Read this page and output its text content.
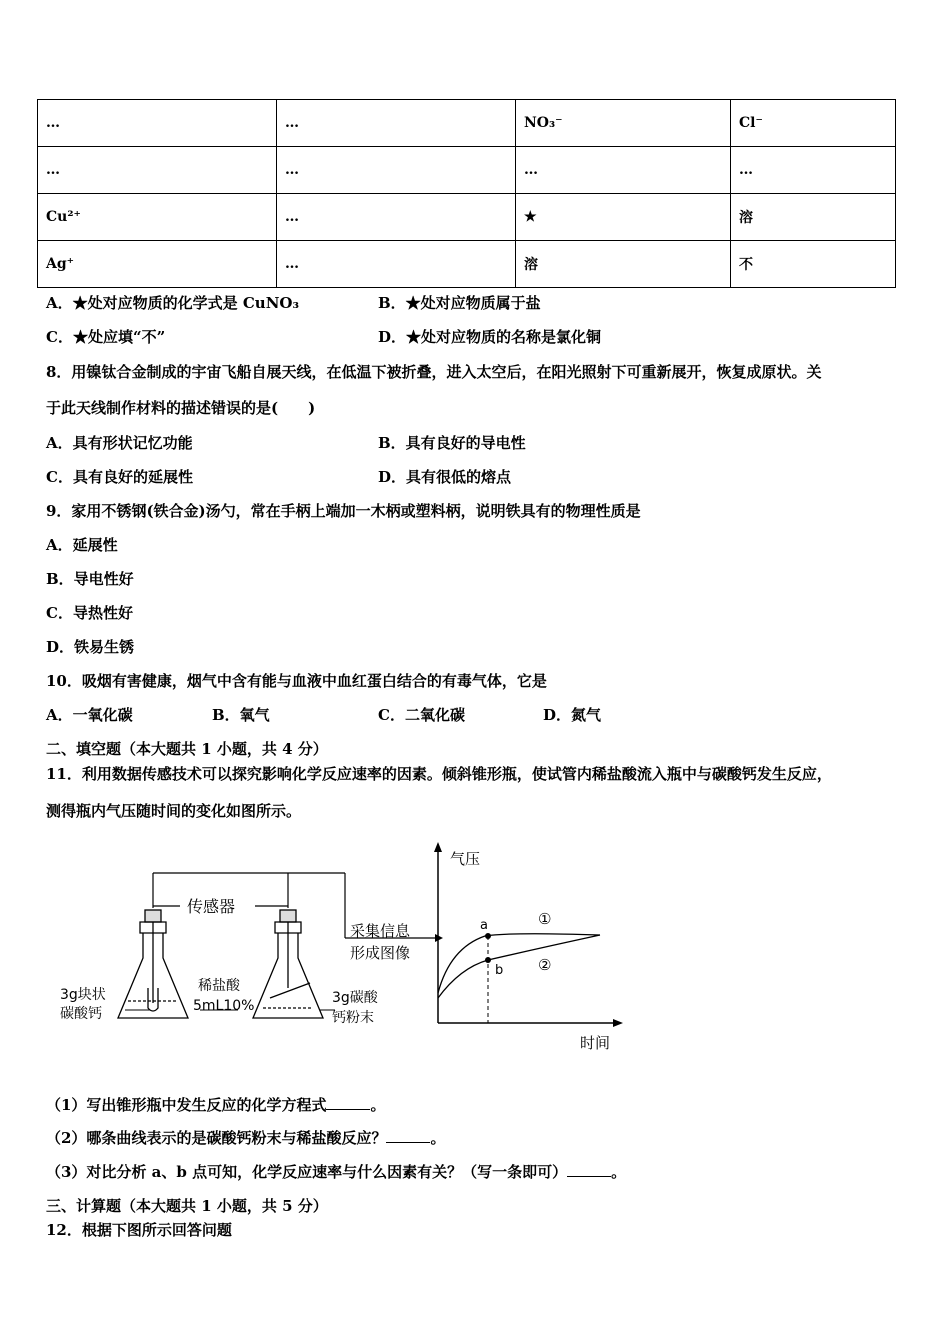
…	…	NO₃⁻	Cl⁻
…	…	…	…
Cu²⁺	…	★	溶
Ag⁺	…	溶	不
A．★处对应物质的化学式是 CuNO₃	B．★处对应物质属于盐
C．★处应填“不”	D．★处对应物质的名称是氯化铜
8．用镍钛合金制成的宇宙飞船自展天线，在低温下被折叠，进入太空后，在阳光照射下可重新展开，恢复成原状。关
于此天线制作材料的描述错误的是(　　)
A．具有形状记忆功能	B．具有良好的导电性
C．具有良好的延展性	D．具有很低的熔点
9．家用不锈钢(铁合金)汤勺，常在手柄上端加一木柄或塑料柄，说明铁具有的物理性质是
A．延展性
B．导电性好
C．导热性好
D．铁易生锈
10．吸烟有害健康，烟气中含有能与血液中血红蛋白结合的有毒气体，它是
A．一氧化碳	B．氧气	C．二氧化碳	D．氮气
二、填空题（本大题共 1 小题，共 4 分）
11．利用数据传感技术可以探究影响化学反应速率的因素。倾斜锥形瓶，使试管内稀盐酸流入瓶中与碳酸钙发生反应，
测得瓶内气压随时间的变化如图所示。
传感器
采集信息
形成图像
3g块状
碳酸钙
稀盐酸
5mL10%	3g碳酸
钙粉末
a
b
①
②
气压
时间
（1）写出锥形瓶中发生反应的化学方程式	。
（2）哪条曲线表示的是碳酸钙粉末与稀盐酸反应？	。
（3）对比分析 a、b 点可知，化学反应速率与什么因素有关？（写一条即可）	。
三、计算题（本大题共 1 小题，共 5 分）
12．根据下图所示回答问题
